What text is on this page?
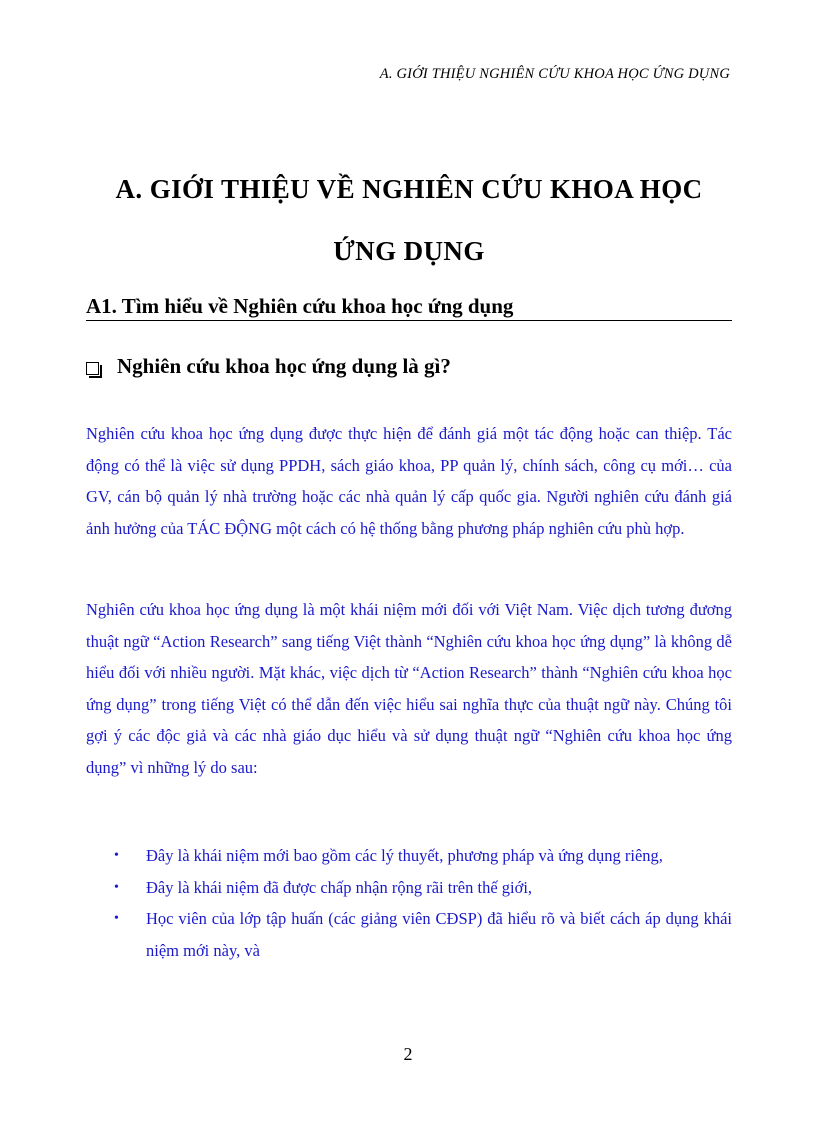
A. GIỚI THIỆU NGHIÊN CỨU KHOA HỌC ỨNG DỤNG
A. GIỚI THIỆU VỀ NGHIÊN CỨU KHOA HỌC
ỨNG DỤNG
A1. Tìm hiểu về Nghiên cứu khoa học ứng dụng
Nghiên cứu khoa học ứng dụng là gì?

Nghiên cứu khoa học ứng dụng được thực hiện để đánh giá một tác động hoặc can thiệp. Tác động có thể là việc sử dụng PPDH, sách giáo khoa, PP quản lý, chính sách, công cụ mới… của GV, cán bộ quản lý nhà trường hoặc các nhà quản lý cấp quốc gia. Người nghiên cứu đánh giá ảnh hưởng của TÁC ĐỘNG một cách có hệ thống bằng phương pháp nghiên cứu phù hợp.

Nghiên cứu khoa học ứng dụng là một khái niệm mới đối với Việt Nam. Việc dịch tương đương thuật ngữ “Action Research” sang tiếng Việt thành “Nghiên cứu khoa học ứng dụng” là không dễ hiểu đối với nhiều người. Mặt khác, việc dịch từ “Action Research” thành “Nghiên cứu khoa học ứng dụng” trong tiếng Việt có thể dẫn đến việc hiểu sai nghĩa thực của thuật ngữ này. Chúng tôi gợi ý các độc giả và các nhà giáo dục hiểu và sử dụng thuật ngữ “Nghiên cứu khoa học ứng dụng” vì những lý do sau:

• Đây là khái niệm mới bao gồm các lý thuyết, phương pháp và ứng dụng riêng,
• Đây là khái niệm đã được chấp nhận rộng rãi trên thế giới,
• Học viên của lớp tập huấn (các giảng viên CĐSP) đã hiểu rõ và biết cách áp dụng khái niệm mới này, và
2
